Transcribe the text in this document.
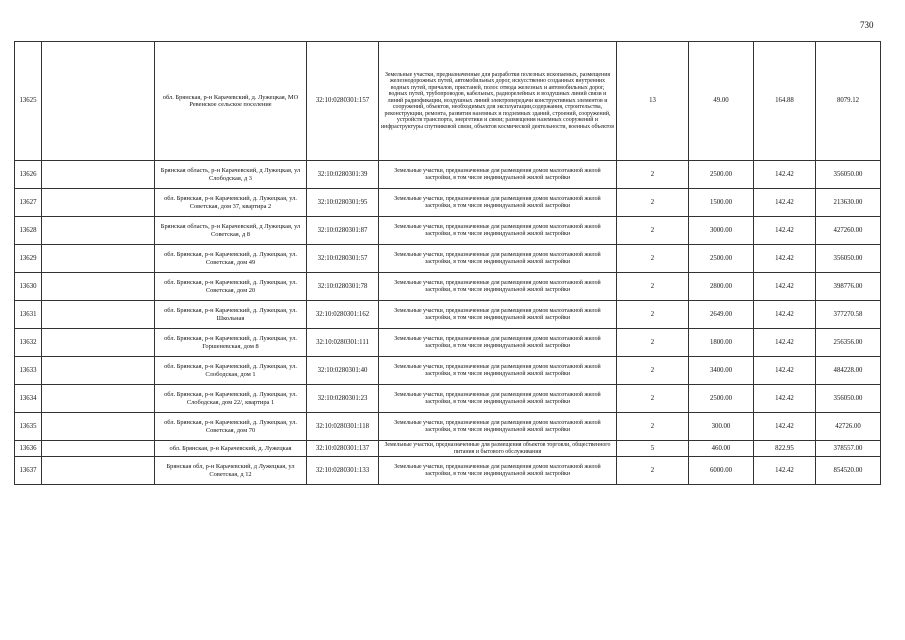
730
13625		обл. Брянская, р-н Карачевский, д. Лужецкая, МО Ревенское сельское поселение	32:10:0280301:157	Земельные участки, предназначенные для разработки полезных ископаемых, размещения железнодорожных путей, автомобильных дорог, искусственно созданных внутренних водных путей, причалов, пристаней, полос отвода железных и автомобильных дорог, водных путей, трубопроводов, кабельных, радиорелейных и воздушных линий связи и линий радиофикации, воздушных линий электропередачи конструктивных элементов и сооружений, объектов, необходимых для эксплуатации,содержания, строительства, реконструкции, ремонта, развития наземных и подземных зданий, строений, сооружений, устройств транспорта, энергетики и связи; размещения наземных сооружений и инфраструктуры спутниковой связи, объектов космической деятельности, военных объектов	13	49.00	164.88	8079.12
13626		Брянская область, р-н Карачевский, д Лужецкая, ул Слободская, д 3	32:10:0280301:39	Земельные участки, предназначенные для размещения домов малоэтажной жилой застройки, в том числе индивидуальной жилой застройки	2	2500.00	142.42	356050.00
13627		обл. Брянская, р-н Карачевский, д. Лужецкая, ул. Советская, дом 37, квартира 2	32:10:0280301:95	Земельные участки, предназначенные для размещения домов малоэтажной жилой застройки, в том числе индивидуальной жилой застройки	2	1500.00	142.42	213630.00
13628		Брянская область, р-н Карачевский, д Лужецкая, ул Советская, д 8	32:10:0280301:87	Земельные участки, предназначенные для размещения домов малоэтажной жилой застройки, в том числе индивидуальной жилой застройки	2	3000.00	142.42	427260.00
13629		обл. Брянская, р-н Карачевский, д. Лужецкая, ул. Советская, дом 49	32:10:0280301:57	Земельные участки, предназначенные для размещения домов малоэтажной жилой застройки, в том числе индивидуальной жилой застройки	2	2500.00	142.42	356050.00
13630		обл. Брянская, р-н Карачевский, д. Лужецкая, ул. Советская, дом 20	32:10:0280301:78	Земельные участки, предназначенные для размещения домов малоэтажной жилой застройки, в том числе индивидуальной жилой застройки	2	2800.00	142.42	398776.00
13631		обл. Брянская, р-н Карачевский, д. Лужецкая, ул. Школьная	32:10:0280301:162	Земельные участки, предназначенные для размещения домов малоэтажной жилой застройки, в том числе индивидуальной жилой застройки	2	2649.00	142.42	377270.58
13632		обл. Брянская, р-н Карачевский, д. Лужецкая, ул. Горшеневская, дом 8	32:10:0280301:111	Земельные участки, предназначенные для размещения домов малоэтажной жилой застройки, в том числе индивидуальной жилой застройки	2	1800.00	142.42	256356.00
13633		обл. Брянская, р-н Карачевский, д. Лужецкая, ул. Слободская, дом 1	32:10:0280301:40	Земельные участки, предназначенные для размещения домов малоэтажной жилой застройки, в том числе индивидуальной жилой застройки	2	3400.00	142.42	484228.00
13634		обл. Брянская, р-н Карачевский, д. Лужецкая, ул. Слободская, дом 22/, квартира 1	32:10:0280301:23	Земельные участки, предназначенные для размещения домов малоэтажной жилой застройки, в том числе индивидуальной жилой застройки	2	2500.00	142.42	356050.00
13635		обл. Брянская, р-н Карачевский, д. Лужецкая, ул. Советская, дом 70	32:10:0280301:118	Земельные участки, предназначенные для размещения домов малоэтажной жилой застройки, в том числе индивидуальной жилой застройки	2	300.00	142.42	42726.00
13636		обл. Брянская, р-н Карачевский, д. Лужецкая	32:10:0280301:137	Земельные участки, предназначенные для размещения объектов торговли, общественного питания и бытового обслуживания	5	460.00	822.95	378557.00
13637		Брянская обл, р-н Карачевский, д Лужецкая, ул Советская, д 12	32:10:0280301:133	Земельные участки, предназначенные для размещения домов малоэтажной жилой застройки, в том числе индивидуальной жилой застройки	2	6000.00	142.42	854520.00
